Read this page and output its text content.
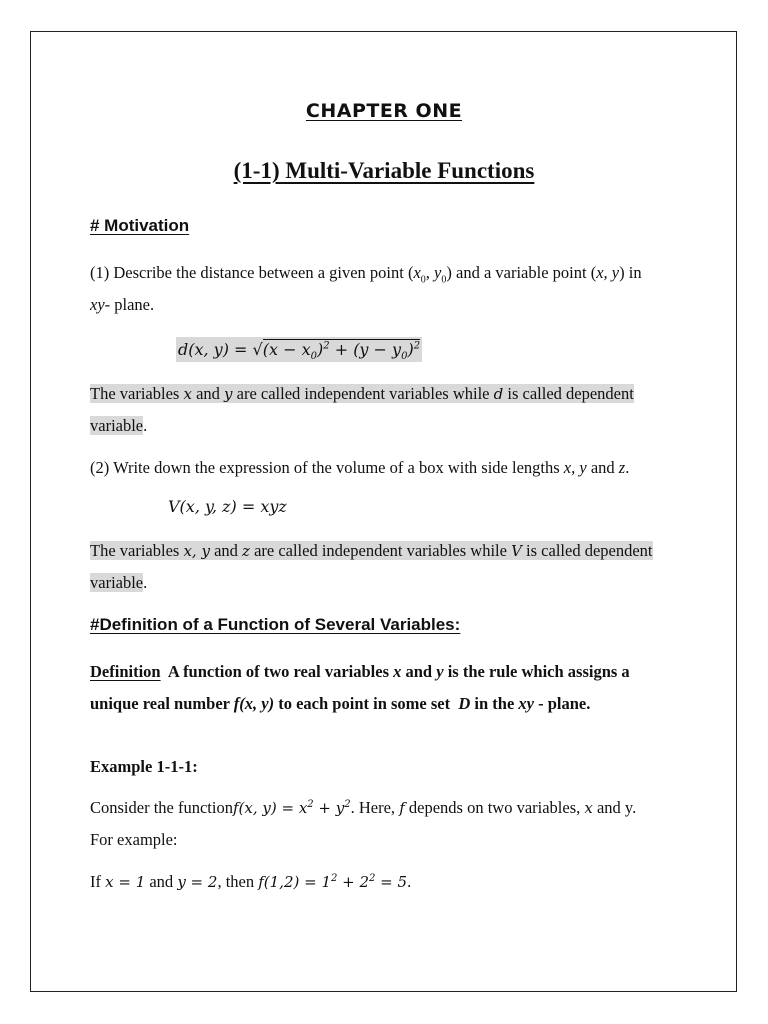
CHAPTER ONE
(1-1) Multi-Variable Functions
# Motivation
(1) Describe the distance between a given point ($x_0$, $y_0$) and a variable point (x, y) in
xy- plane.
d(x, $y) = √(x - x_0)^2 + (y - y_0)^2$
The variables x and y are called independent variables while d is called dependent
variable.
(2) Write down the expression of the volume of a box with side lengths x, y and z.
V(x, y, z) = xyz
The variables x, y and z are called independent variables while V is called dependent
variable.
#Definition of a Function of Several Variables:
Definition  A function of two real variables x and y is the rule which assigns a
unique real number f(x, y) to each point in some set  D in the xy - plane.
Example 1-1-1:
Consider the functionf(x, $y) = x^2 + y^2$. Here, f depends on two variables, x and y.
For example:
If x = 1 and y = 2, then $f(1,2) = 1^2 + 2^2 = 5$.
